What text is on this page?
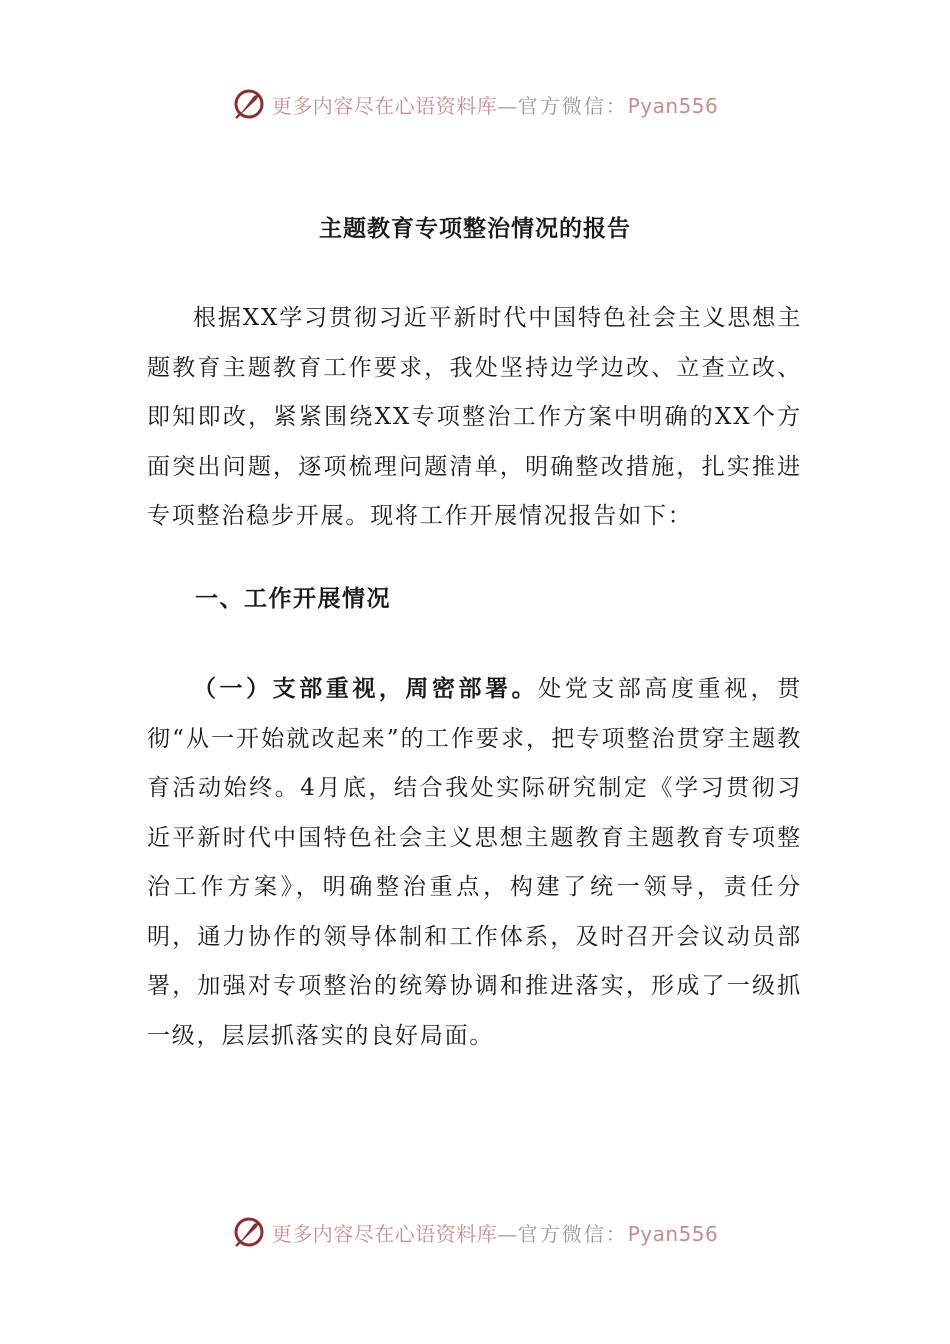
更多内容尽在心语资料库—官方微信：Pyan556
主题教育专项整治情况的报告

根据XX学习贯彻习近平新时代中国特色社会主义思想主题教育主题教育工作要求，我处坚持边学边改、立查立改、即知即改，紧紧围绕XX专项整治工作方案中明确的XX个方面突出问题，逐项梳理问题清单，明确整改措施，扎实推进专项整治稳步开展。现将工作开展情况报告如下：

一、工作开展情况

（一）支部重视，周密部署。处党支部高度重视，贯彻“从一开始就改起来”的工作要求，把专项整治贯穿主题教育活动始终。4月底，结合我处实际研究制定《学习贯彻习近平新时代中国特色社会主义思想主题教育主题教育专项整治工作方案》，明确整治重点，构建了统一领导，责任分明，通力协作的领导体制和工作体系，及时召开会议动员部署，加强对专项整治的统筹协调和推进落实，形成了一级抓一级，层层抓落实的良好局面。

更多内容尽在心语资料库—官方微信：Pyan556
